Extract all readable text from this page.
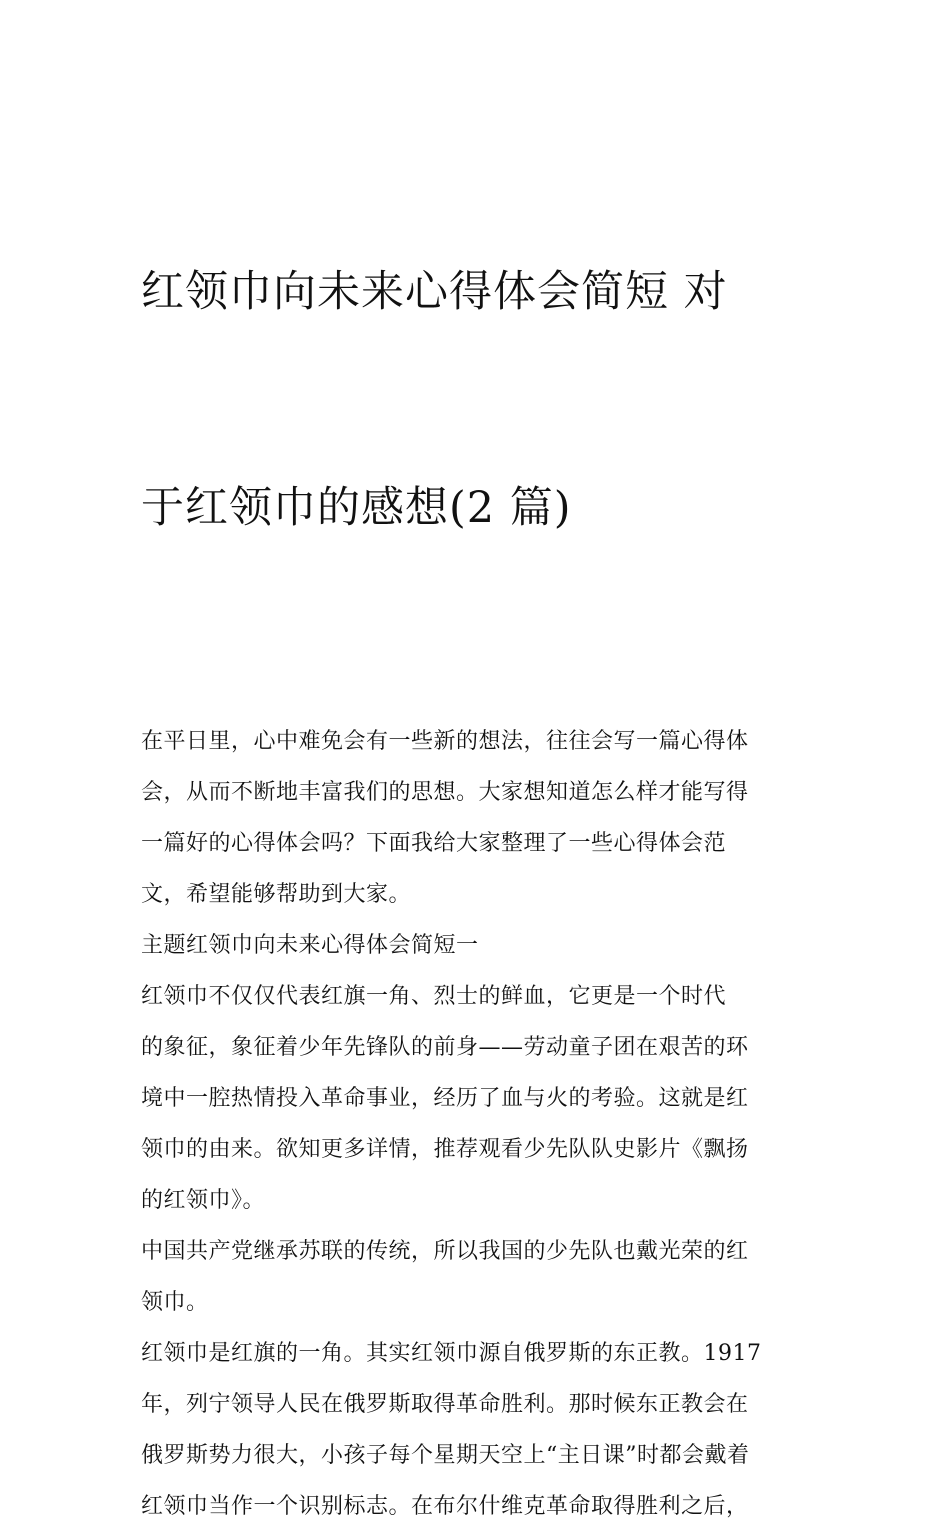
红领巾向未来心得体会简短 对

于红领巾的感想(2 篇)

在平日里，心中难免会有一些新的想法，往往会写一篇心得体
会，从而不断地丰富我们的思想。大家想知道怎么样才能写得
一篇好的心得体会吗？下面我给大家整理了一些心得体会范
文，希望能够帮助到大家。

主题红领巾向未来心得体会简短一

红领巾不仅仅代表红旗一角、烈士的鲜血，它更是一个时代
的象征，象征着少年先锋队的前身——劳动童子团在艰苦的环
境中一腔热情投入革命事业，经历了血与火的考验。这就是红
领巾的由来。欲知更多详情，推荐观看少先队队史影片《飘扬
的红领巾》。

中国共产党继承苏联的传统，所以我国的少先队也戴光荣的红
领巾。

红领巾是红旗的一角。其实红领巾源自俄罗斯的东正教。1917
年，列宁领导人民在俄罗斯取得革命胜利。那时候东正教会在
俄罗斯势力很大，小孩子每个星期天空上“主日课”时都会戴着
红领巾当作一个识别标志。在布尔什维克革命取得胜利之后，
